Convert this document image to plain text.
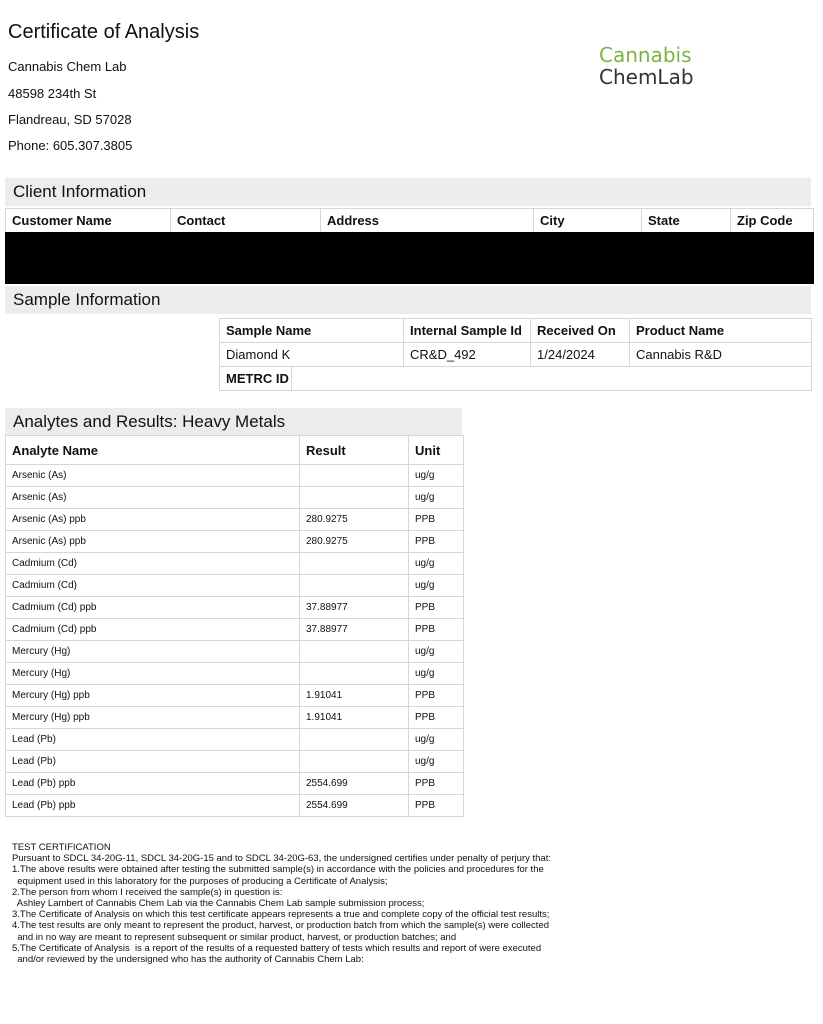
Certificate of Analysis
Cannabis Chem Lab
48598 234th St
Flandreau, SD 57028
Phone: 605.307.3805
Cannabis
ChemLab
Client Information
Customer Name	Contact	Address	City	State	Zip Code
Sample Information
Sample Name		Internal Sample Id	Received On	Product Name
Diamond K		CR&D_492	1/24/2024	Cannabis R&D
METRC ID				
Analytes and Results: Heavy Metals
Analyte Name	Result	Unit
Arsenic (As)		ug/g
Arsenic (As)		ug/g
Arsenic (As) ppb	280.9275	PPB
Arsenic (As) ppb	280.9275	PPB
Cadmium (Cd)		ug/g
Cadmium (Cd)		ug/g
Cadmium (Cd) ppb	37.88977	PPB
Cadmium (Cd) ppb	37.88977	PPB
Mercury (Hg)		ug/g
Mercury (Hg)		ug/g
Mercury (Hg) ppb	1.91041	PPB
Mercury (Hg) ppb	1.91041	PPB
Lead (Pb)		ug/g
Lead (Pb)		ug/g
Lead (Pb) ppb	2554.699	PPB
Lead (Pb) ppb	2554.699	PPB
TEST CERTIFICATION
Pursuant to SDCL 34-20G-11, SDCL 34-20G-15 and to SDCL 34-20G-63, the undersigned certifies under penalty of perjury that:
1.The above results were obtained after testing the submitted sample(s) in accordance with the policies and procedures for the
equipment used in this laboratory for the purposes of producing a Certificate of Analysis;
2.The person from whom I received the sample(s) in question is:
Ashley Lambert of Cannabis Chem Lab via the Cannabis Chem Lab sample submission process;
3.The Certificate of Analysis on which this test certificate appears represents a true and complete copy of the official test results;
4.The test results are only meant to represent the product, harvest, or production batch from which the sample(s) were collected
and in no way are meant to represent subsequent or similar product, harvest, or production batches; and
5.The Certificate of Analysis  is a report of the results of a requested battery of tests which results and report of were executed
and/or reviewed by the undersigned who has the authority of Cannabis Chem Lab:
